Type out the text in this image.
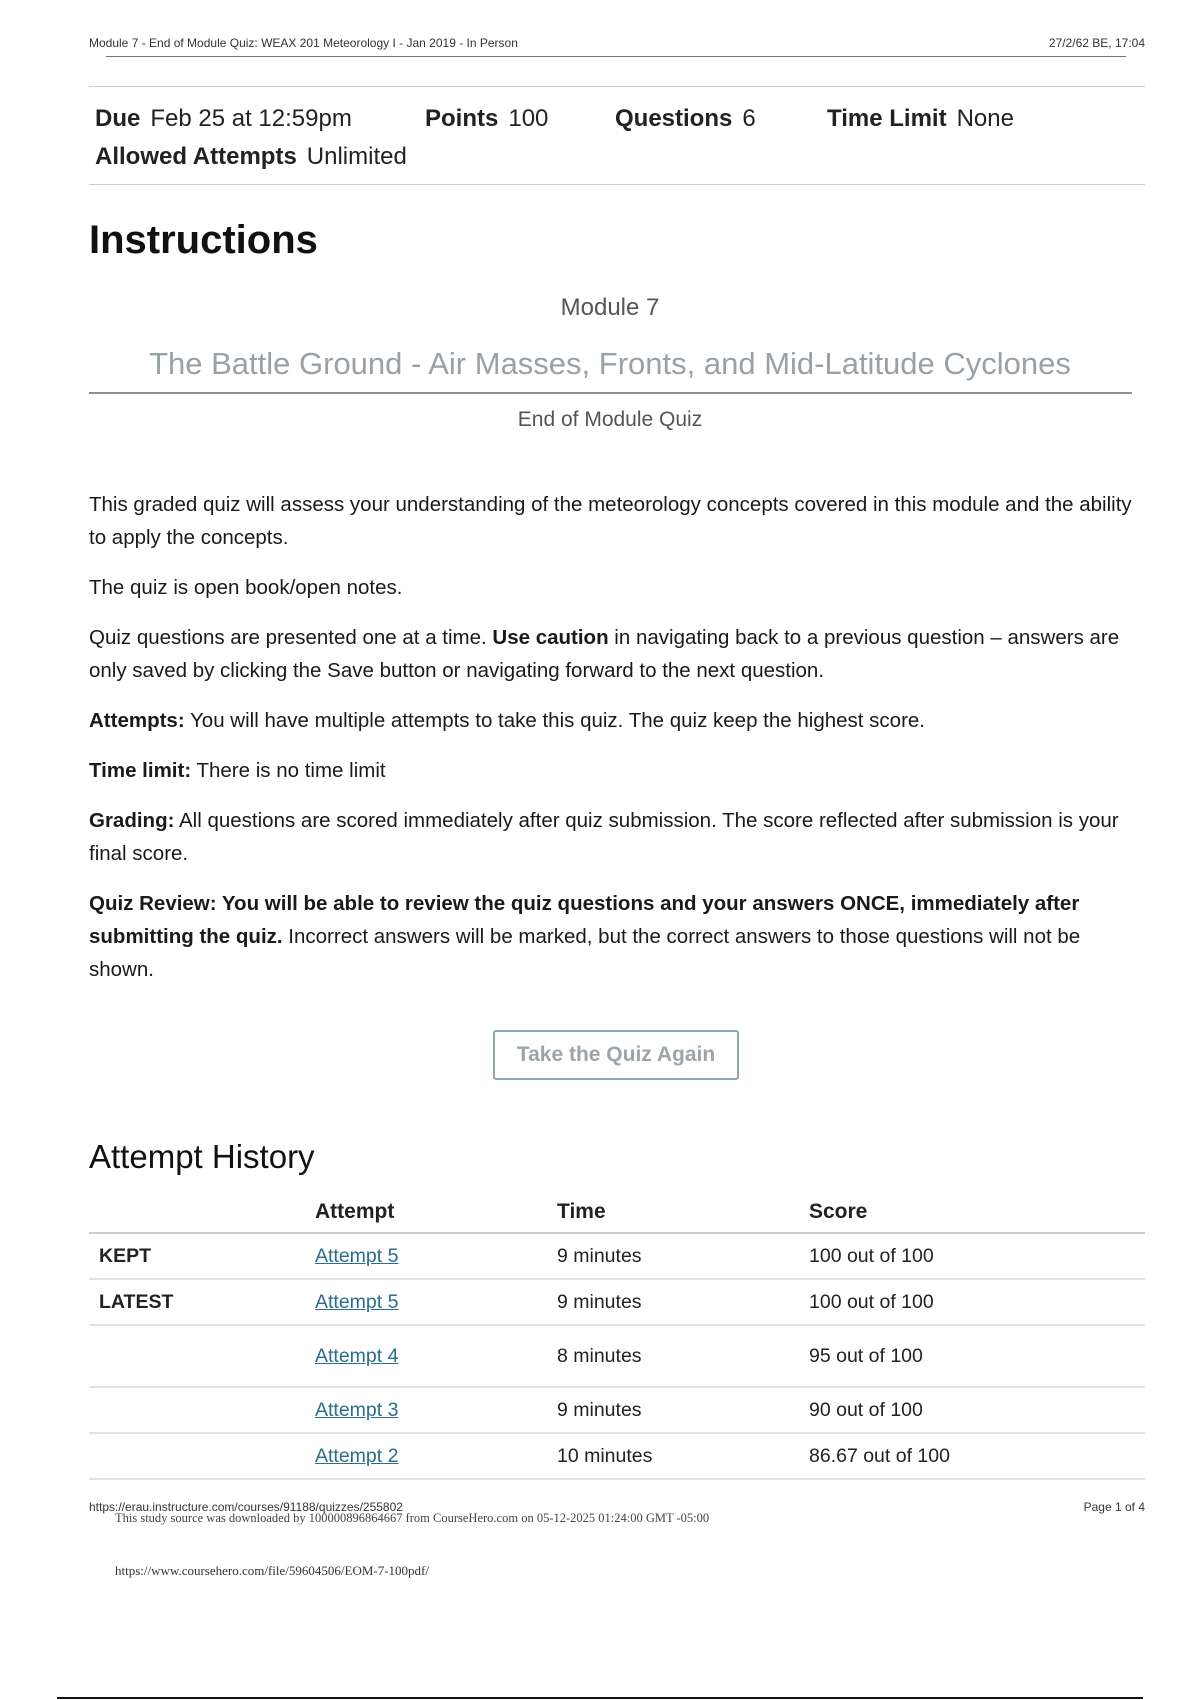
Module 7 - End of Module Quiz: WEAX 201 Meteorology I - Jan 2019 - In Person	27/2/62 BE, 17:04
Due Feb 25 at 12:59pm	Points 100	Questions 6	Time Limit None
Allowed Attempts Unlimited
Instructions
Module 7
The Battle Ground - Air Masses, Fronts, and Mid-Latitude Cyclones
End of Module Quiz

This graded quiz will assess your understanding of the meteorology concepts covered in this module and the ability to apply the concepts.

The quiz is open book/open notes.

Quiz questions are presented one at a time. Use caution in navigating back to a previous question – answers are only saved by clicking the Save button or navigating forward to the next question.

Attempts: You will have multiple attempts to take this quiz. The quiz keep the highest score.

Time limit: There is no time limit

Grading: All questions are scored immediately after quiz submission. The score reflected after submission is your final score.

Quiz Review: You will be able to review the quiz questions and your answers ONCE, immediately after submitting the quiz. Incorrect answers will be marked, but the correct answers to those questions will not be shown.

Take the Quiz Again
Attempt History
	Attempt	Time	Score
KEPT	Attempt 5	9 minutes	100 out of 100
LATEST	Attempt 5	9 minutes	100 out of 100
	Attempt 4	8 minutes	95 out of 100
	Attempt 3	9 minutes	90 out of 100
	Attempt 2	10 minutes	86.67 out of 100
https://erau.instructure.com/courses/91188/quizzes/255802	Page 1 of 4
This study source was downloaded by 100000896864667 from CourseHero.com on 05-12-2025 01:24:00 GMT -05:00
https://www.coursehero.com/file/59604506/EOM-7-100pdf/
